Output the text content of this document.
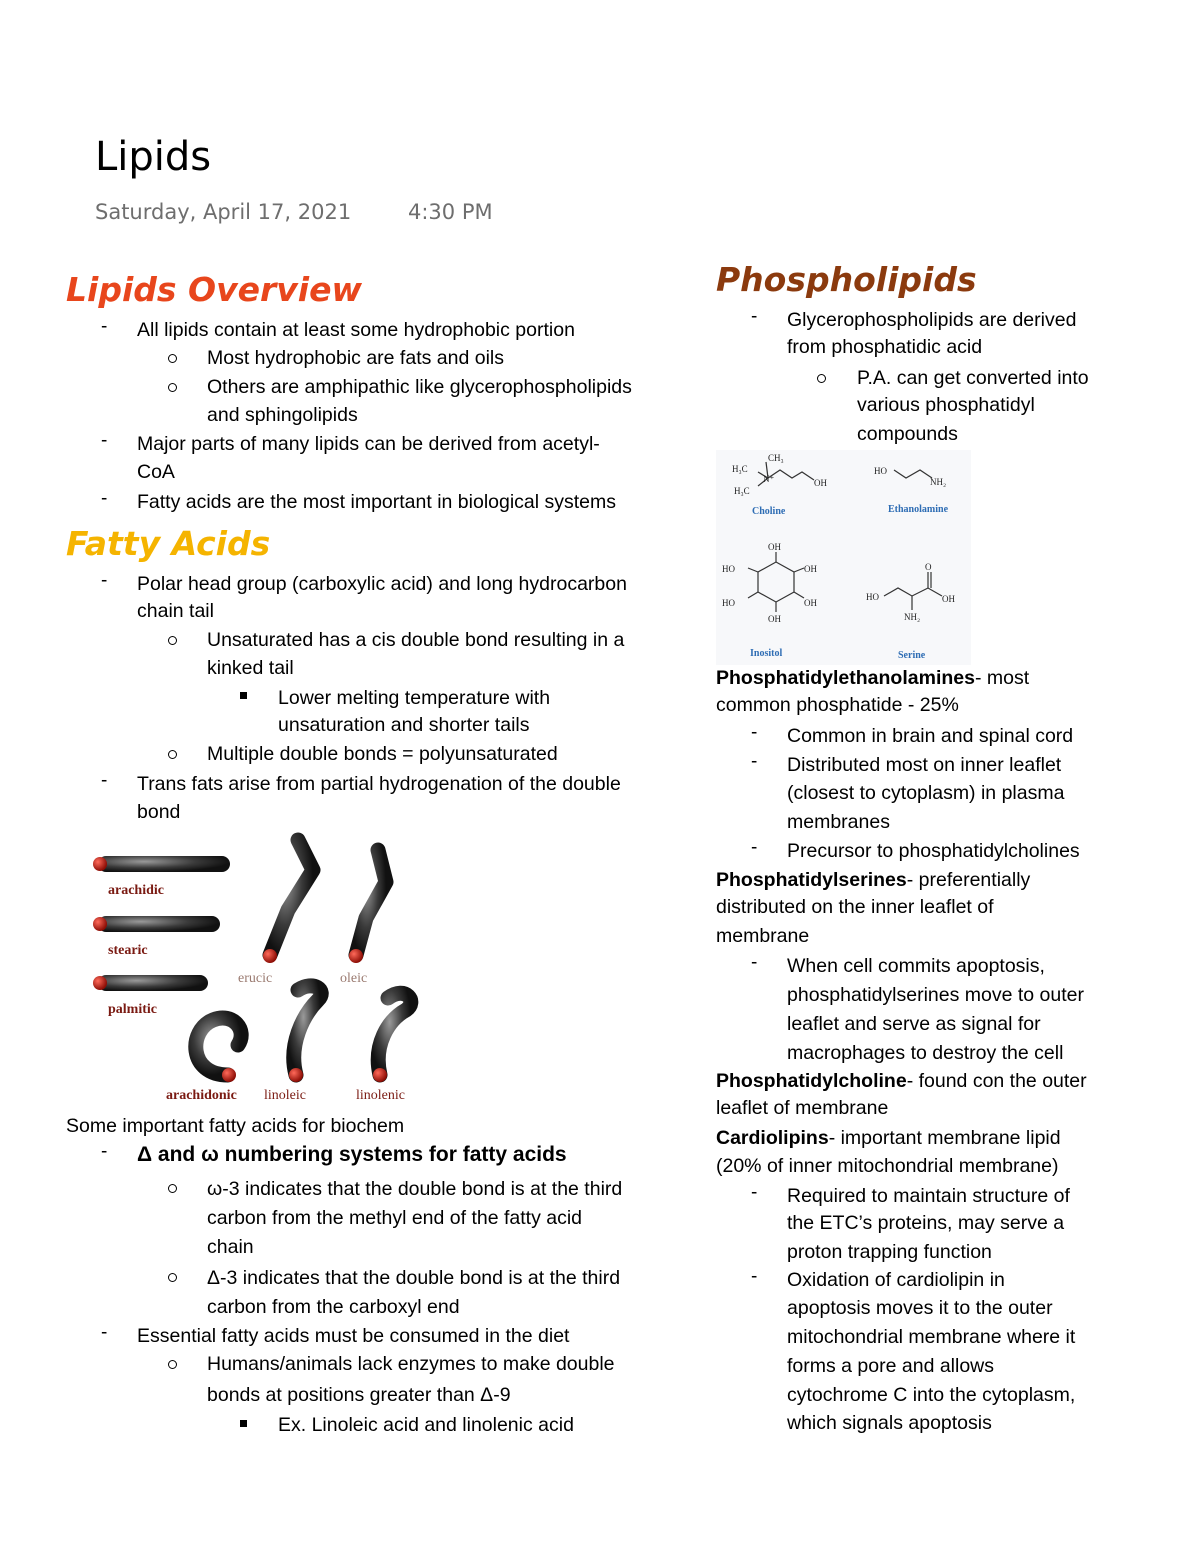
Lipids
Saturday, April 17, 2021	4:30 PM
Lipids Overview
- All lipids contain at least some hydrophobic portion
Most hydrophobic are fats and oils
Others are amphipathic like glycerophospholipids
and sphingolipids
- Major parts of many lipids can be derived from acetyl-
CoA
- Fatty acids are the most important in biological systems
Fatty Acids
- Polar head group (carboxylic acid) and long hydrocarbon
chain tail
Unsaturated has a cis double bond resulting in a
kinked tail
Lower melting temperature with
unsaturation and shorter tails
Multiple double bonds = polyunsaturated
- Trans fats arise from partial hydrogenation of the double
bond
arachidic
stearic
palmitic
erucic	oleic
arachidonic linoleic	linolenic
Some important fatty acids for biochem
- Δ and ω numbering systems for fatty acids
ω-3 indicates that the double bond is at the third
carbon from the methyl end of the fatty acid
chain
Δ-3 indicates that the double bond is at the third
carbon from the carboxyl end
- Essential fatty acids must be consumed in the diet
Humans/animals lack enzymes to make double
bonds at positions greater than Δ-9
Ex. Linoleic acid and linolenic acid
Phospholipids
- Glycerophospholipids are derived
from phosphatidic acid
P.A. can get converted into
various phosphatidyl
compounds
H₃C
CH₃
H₃C
N⁺	OH
Choline
HO
NH₂
Ethanolamine
OH
OH
OH
OH
HO
HO
Inositol
HO
O
OH
NH₂
Serine
Phosphatidylethanolamines- most
common phosphatide - 25%
- Common in brain and spinal cord
- Distributed most on inner leaflet
(closest to cytoplasm) in plasma
membranes
- Precursor to phosphatidylcholines
Phosphatidylserines- preferentially
distributed on the inner leaflet of
membrane
- When cell commits apoptosis,
phosphatidylserines move to outer
leaflet and serve as signal for
macrophages to destroy the cell
Phosphatidylcholine- found con the outer
leaflet of membrane
Cardiolipins- important membrane lipid
(20% of inner mitochondrial membrane)
- Required to maintain structure of
the ETC’s proteins, may serve a
proton trapping function
- Oxidation of cardiolipin in
apoptosis moves it to the outer
mitochondrial membrane where it
forms a pore and allows
cytochrome C into the cytoplasm,
which signals apoptosis
